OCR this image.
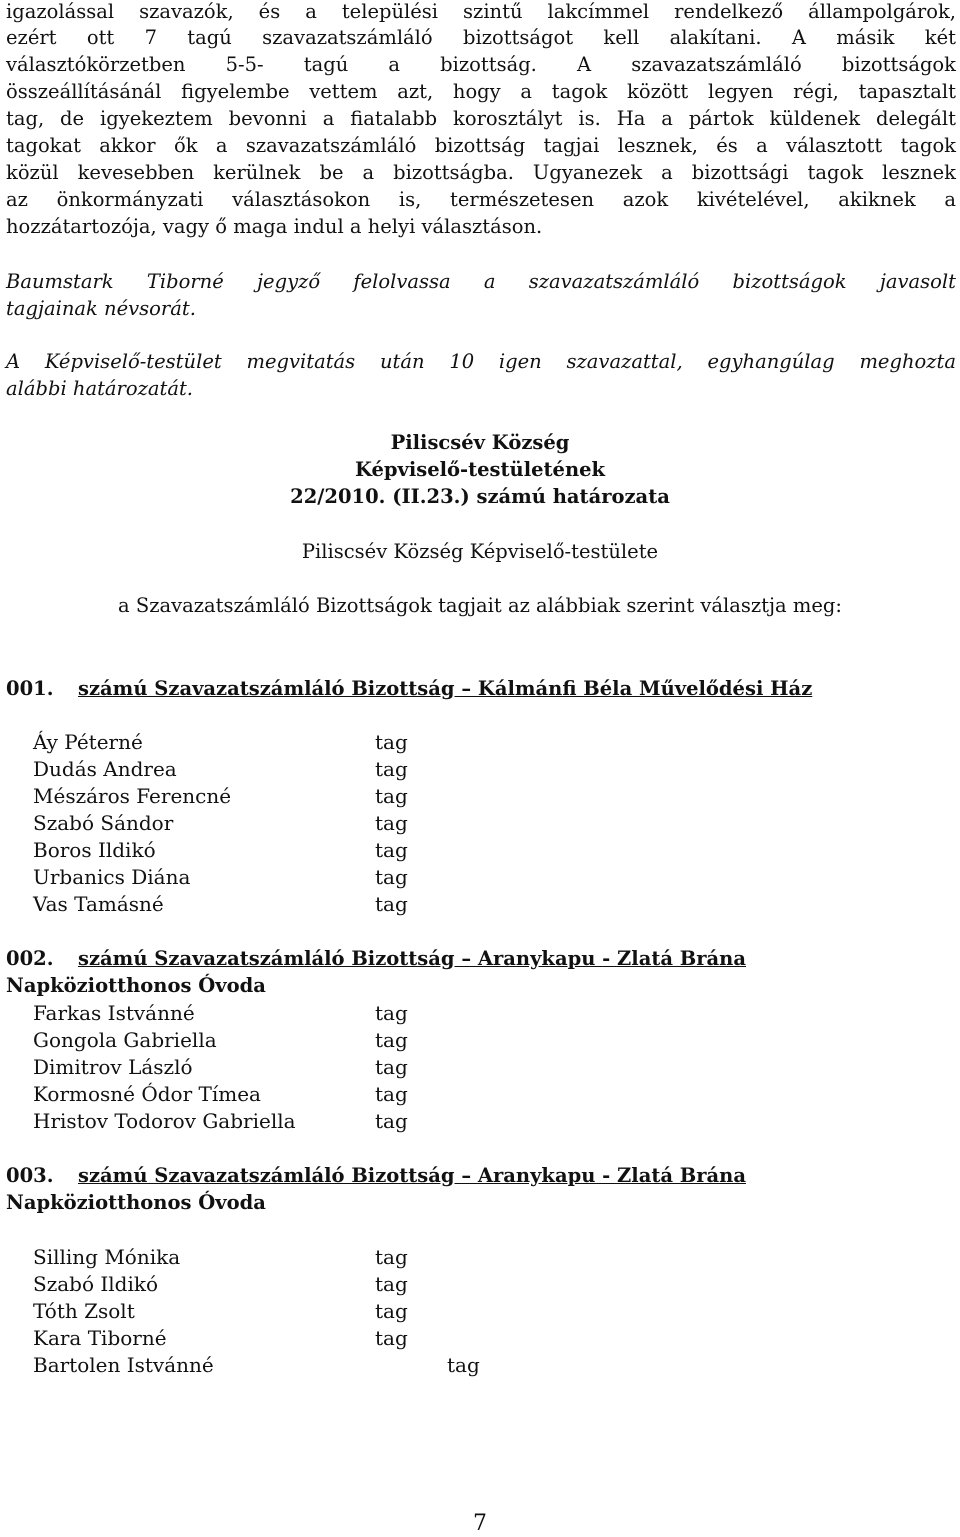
igazolással szavazók, és a települési szintű lakcímmel rendelkező állampolgárok,
ezért ott 7 tagú szavazatszámláló bizottságot kell alakítani. A másik két
választókörzetben 5-5- tagú a bizottság. A szavazatszámláló bizottságok
összeállításánál figyelembe vettem azt, hogy a tagok között legyen régi, tapasztalt
tag, de igyekeztem bevonni a fiatalabb korosztályt is. Ha a pártok küldenek delegált
tagokat akkor ők a szavazatszámláló bizottság tagjai lesznek, és a választott tagok
közül kevesebben kerülnek be a bizottságba. Ugyanezek a bizottsági tagok lesznek
az önkormányzati választásokon is, természetesen azok kivételével, akiknek a
hozzátartozója, vagy ő maga indul a helyi választáson.
Baumstark Tiborné jegyző felolvassa a szavazatszámláló bizottságok javasolt
tagjainak névsorát.
A Képviselő-testület megvitatás után 10 igen szavazattal, egyhangúlag meghozta
alábbi határozatát.
Piliscsév Község
Képviselő-testületének
22/2010. (II.23.) számú határozata
Piliscsév Község Képviselő-testülete
a Szavazatszámláló Bizottságok tagjait az alábbiak szerint választja meg:
001. számú Szavazatszámláló Bizottság – Kálmánfi Béla Művelődési Ház
Áy Péterné	tag
Dudás Andrea	tag
Mészáros Ferencné	tag
Szabó Sándor	tag
Boros Ildikó	tag
Urbanics Diána	tag
Vas Tamásné	tag
002. számú Szavazatszámláló Bizottság – Aranykapu - Zlatá Brána
Napköziotthonos Óvoda
Farkas Istvánné	tag
Gongola Gabriella	tag
Dimitrov László	tag
Kormosné Ódor Tímea	tag
Hristov Todorov Gabriella	tag
003. számú Szavazatszámláló Bizottság – Aranykapu - Zlatá Brána
Napköziotthonos Óvoda
Silling Mónika	tag
Szabó Ildikó	tag
Tóth Zsolt	tag
Kara Tiborné	tag
Bartolen Istvánné	tag
7
